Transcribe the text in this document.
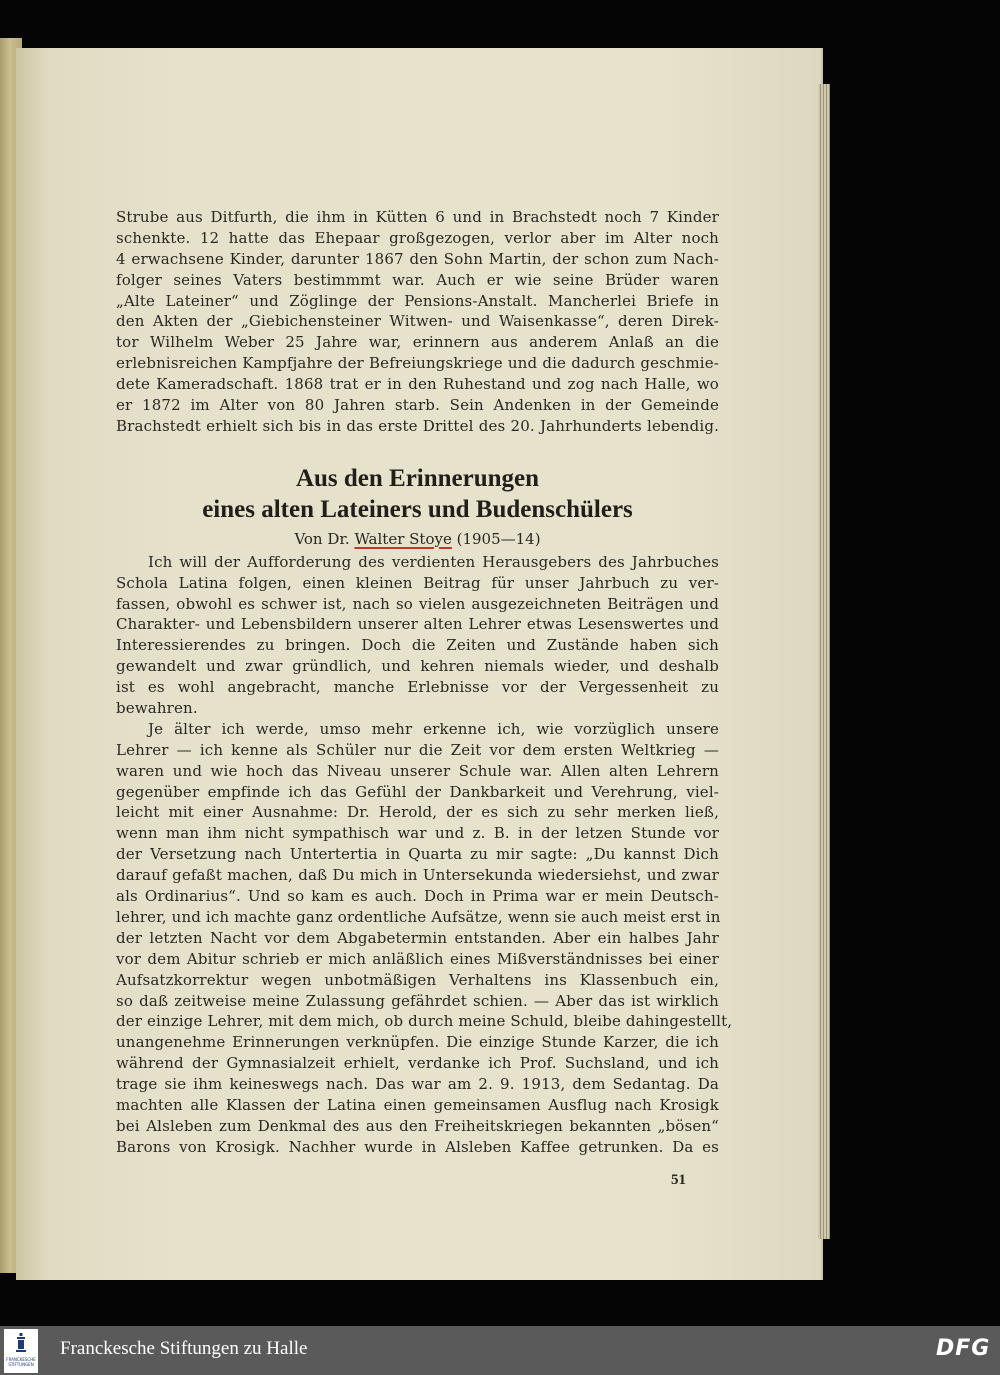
Strube aus Ditfurth, die ihm in Kütten 6 und in Brachstedt noch 7 Kinder
schenkte. 12 hatte das Ehepaar großgezogen, verlor aber im Alter noch
4 erwachsene Kinder, darunter 1867 den Sohn Martin, der schon zum Nach-
folger seines Vaters bestimmmt war. Auch er wie seine Brüder waren
„Alte Lateiner“ und Zöglinge der Pensions-Anstalt. Mancherlei Briefe in
den Akten der „Giebichensteiner Witwen- und Waisenkasse“, deren Direk-
tor Wilhelm Weber 25 Jahre war, erinnern aus anderem Anlaß an die
erlebnisreichen Kampfjahre der Befreiungskriege und die dadurch geschmie-
dete Kameradschaft. 1868 trat er in den Ruhestand und zog nach Halle, wo
er 1872 im Alter von 80 Jahren starb. Sein Andenken in der Gemeinde
Brachstedt erhielt sich bis in das erste Drittel des 20. Jahrhunderts lebendig.
Aus den Erinnerungen
eines alten Lateiners und Budenschülers
Von Dr. Walter Stoye (1905—14)
Ich will der Aufforderung des verdienten Herausgebers des Jahrbuches
Schola Latina folgen, einen kleinen Beitrag für unser Jahrbuch zu ver-
fassen, obwohl es schwer ist, nach so vielen ausgezeichneten Beiträgen und
Charakter- und Lebensbildern unserer alten Lehrer etwas Lesenswertes und
Interessierendes zu bringen. Doch die Zeiten und Zustände haben sich
gewandelt und zwar gründlich, und kehren niemals wieder, und deshalb
ist es wohl angebracht, manche Erlebnisse vor der Vergessenheit zu
bewahren.
Je älter ich werde, umso mehr erkenne ich, wie vorzüglich unsere
Lehrer — ich kenne als Schüler nur die Zeit vor dem ersten Weltkrieg —
waren und wie hoch das Niveau unserer Schule war. Allen alten Lehrern
gegenüber empfinde ich das Gefühl der Dankbarkeit und Verehrung, viel-
leicht mit einer Ausnahme: Dr. Herold, der es sich zu sehr merken ließ,
wenn man ihm nicht sympathisch war und z. B. in der letzen Stunde vor
der Versetzung nach Untertertia in Quarta zu mir sagte: „Du kannst Dich
darauf gefaßt machen, daß Du mich in Untersekunda wiedersiehst, und zwar
als Ordinarius“. Und so kam es auch. Doch in Prima war er mein Deutsch-
lehrer, und ich machte ganz ordentliche Aufsätze, wenn sie auch meist erst in
der letzten Nacht vor dem Abgabetermin entstanden. Aber ein halbes Jahr
vor dem Abitur schrieb er mich anläßlich eines Mißverständnisses bei einer
Aufsatzkorrektur wegen unbotmäßigen Verhaltens ins Klassenbuch ein,
so daß zeitweise meine Zulassung gefährdet schien. — Aber das ist wirklich
der einzige Lehrer, mit dem mich, ob durch meine Schuld, bleibe dahingestellt,
unangenehme Erinnerungen verknüpfen. Die einzige Stunde Karzer, die ich
während der Gymnasialzeit erhielt, verdanke ich Prof. Suchsland, und ich
trage sie ihm keineswegs nach. Das war am 2. 9. 1913, dem Sedantag. Da
machten alle Klassen der Latina einen gemeinsamen Ausflug nach Krosigk
bei Alsleben zum Denkmal des aus den Freiheitskriegen bekannten „bösen“
Barons von Krosigk. Nachher wurde in Alsleben Kaffee getrunken. Da es
51
FRANCKESCHE
STIFTUNGEN
Franckesche Stiftungen zu Halle	DFG
